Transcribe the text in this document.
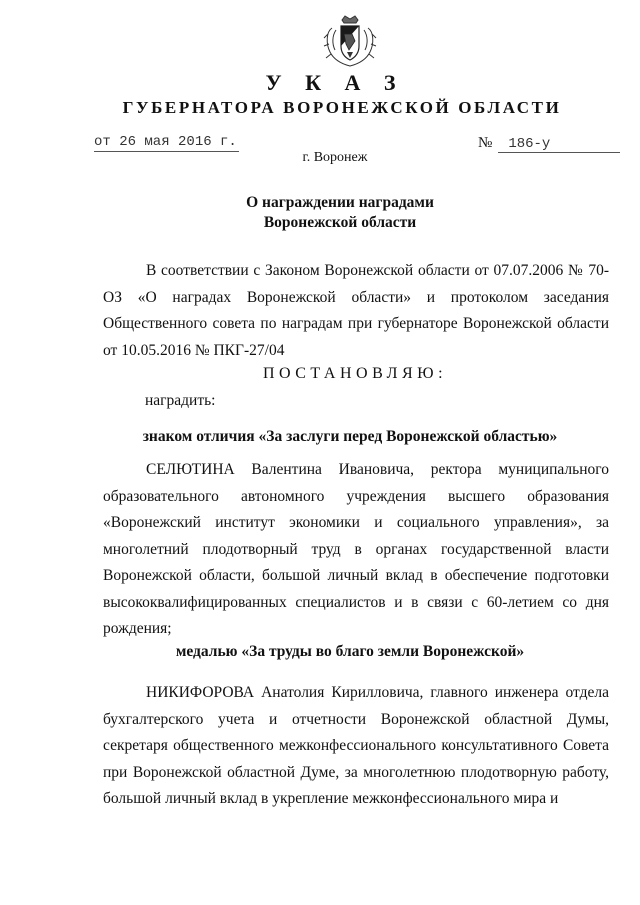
У К А З
ГУБЕРНАТОРА ВОРОНЕЖСКОЙ ОБЛАСТИ
от 26 мая 2016 г.	№ 186-у
г. Воронеж
О награждении наградами
Воронежской области
В соответствии с Законом Воронежской области от 07.07.2006 № 70-ОЗ «О наградах Воронежской области» и протоколом заседания Общественного совета по наградам при губернаторе Воронежской области от 10.05.2016 № ПКГ-27/04
ПОСТАНОВЛЯЮ:
наградить:
знаком отличия «За заслуги перед Воронежской областью»
СЕЛЮТИНА Валентина Ивановича, ректора муниципального образовательного автономного учреждения высшего образования «Воронежский институт экономики и социального управления», за многолетний плодотворный труд в органах государственной власти Воронежской области, большой личный вклад в обеспечение подготовки высококвалифицированных специалистов и в связи с 60-летием со дня рождения;
медалью «За труды во благо земли Воронежской»
НИКИФОРОВА Анатолия Кирилловича, главного инженера отдела бухгалтерского учета и отчетности Воронежской областной Думы, секретаря общественного межконфессионального консультативного Совета при Воронежской областной Думе, за многолетнюю плодотворную работу, большой личный вклад в укрепление межконфессионального мира и
